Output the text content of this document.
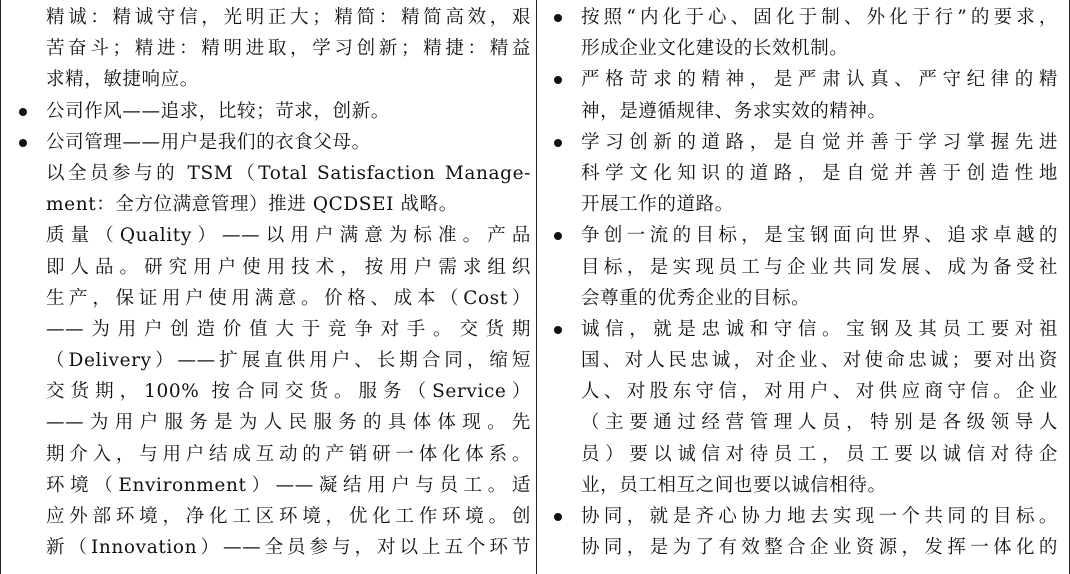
精诚：精诚守信，光明正大；精简：精简高效，艰
苦奋斗；精进：精明进取，学习创新；精捷：精益
求精，敏捷响应。
公司作风——追求，比较；苛求，创新。
公司管理——用户是我们的衣食父母。
以全员参与的 TSM（Total Satisfaction Manage-
ment：全方位满意管理）推进 QCDSEI 战略。
质量（Quality）——以用户满意为标准。产品
即人品。研究用户使用技术，按用户需求组织
生产，保证用户使用满意。价格、成本（Cost）
——为用户创造价值大于竞争对手。交货期
（Delivery）——扩展直供用户、长期合同，缩短
交货期，100% 按合同交货。服务（Service）
——为用户服务是为人民服务的具体体现。先
期介入，与用户结成互动的产销研一体化体系。
环境（Environment）——凝结用户与员工。适
应外部环境，净化工区环境，优化工作环境。创
新（Innovation）——全员参与，对以上五个环节
按照“内化于心、固化于制、外化于行”的要求，
形成企业文化建设的长效机制。
严格苛求的精神，是严肃认真、严守纪律的精
神，是遵循规律、务求实效的精神。
学习创新的道路，是自觉并善于学习掌握先进
科学文化知识的道路，是自觉并善于创造性地
开展工作的道路。
争创一流的目标，是宝钢面向世界、追求卓越的
目标，是实现员工与企业共同发展、成为备受社
会尊重的优秀企业的目标。
诚信，就是忠诚和守信。宝钢及其员工要对祖
国、对人民忠诚，对企业、对使命忠诚；要对出资
人、对股东守信，对用户、对供应商守信。企业
（主要通过经营管理人员，特别是各级领导人
员）要以诚信对待员工，员工要以诚信对待企
业，员工相互之间也要以诚信相待。
协同，就是齐心协力地去实现一个共同的目标。
协同，是为了有效整合企业资源，发挥一体化的
